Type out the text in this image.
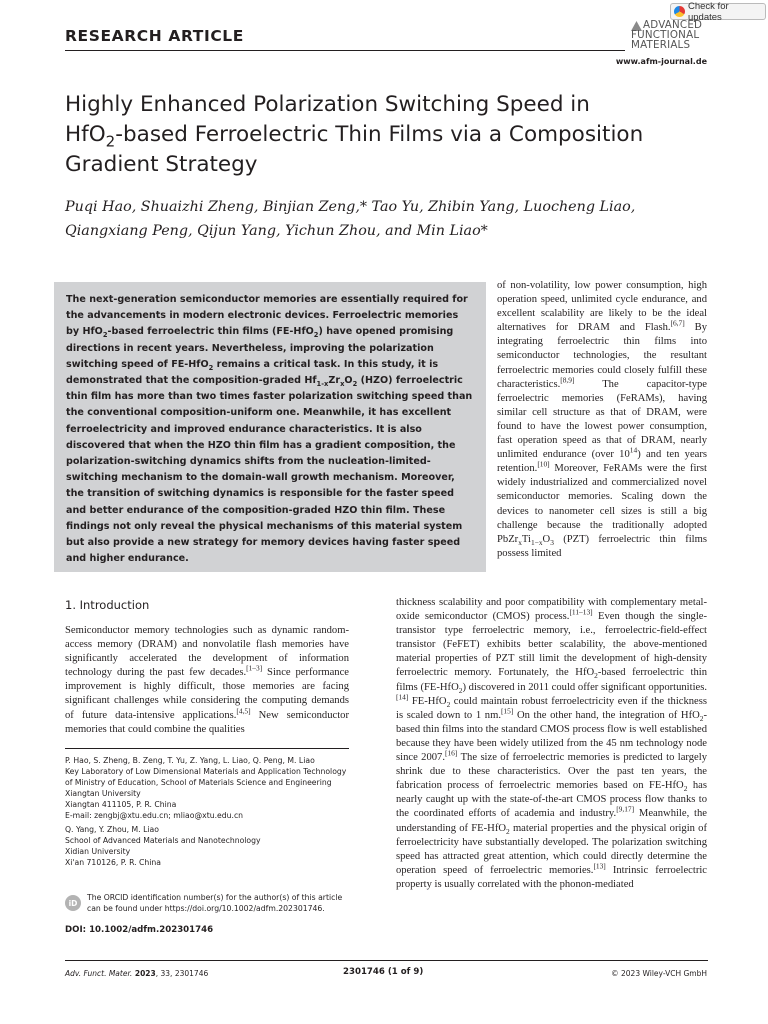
Check for updates
RESEARCH ARTICLE
ADVANCED
FUNCTIONAL
MATERIALS
www.afm-journal.de
Highly Enhanced Polarization Switching Speed in
HfO$_2$-based Ferroelectric Thin Films via a Composition
Gradient Strategy

Puqi Hao, Shuaizhi Zheng, Binjian Zeng,* Tao Yu, Zhibin Yang, Luocheng Liao,
Qiangxiang Peng, Qijun Yang, Yichun Zhou, and Min Liao*

The next-generation semiconductor memories are essentially required for the advancements in modern electronic devices. Ferroelectric memories by HfO$_2$-based ferroelectric thin films (FE-HfO$_2$) have opened promising directions in recent years. Nevertheless, improving the polarization switching speed of FE-HfO$_2$ remains a critical task. In this study, it is demonstrated that the composition-graded $Hf_{1-x}Zr_xO_2$ (HZO) ferroelectric thin film has more than two times faster polarization switching speed than the conventional composition-uniform one. Meanwhile, it has excellent ferroelectricity and improved endurance characteristics. It is also discovered that when the HZO thin film has a gradient composition, the polarization-switching dynamics shifts from the nucleation-limited-switching mechanism to the domain-wall growth mechanism. Moreover, the transition of switching dynamics is responsible for the faster speed and better endurance of the composition-graded HZO thin film. These findings not only reveal the physical mechanisms of this material system but also provide a new strategy for memory devices having faster speed and higher endurance.

of non-volatility, low power consumption, high operation speed, unlimited cycle endurance, and excellent scalability are likely to be the ideal alternatives for DRAM and Flash.[6,7] By integrating ferroelectric thin films into semiconductor technologies, the resultant ferroelectric memories could closely fulfill these characteristics.[8,9] The capacitor-type ferroelectric memories (FeRAMs), having similar cell structure as that of DRAM, were found to have the lowest power consumption, fast operation speed as that of DRAM, nearly unlimited endurance (over $10^{14}$) and ten years retention.[10] Moreover, FeRAMs were the first widely industrialized and commercialized novel semiconductor memories. Scaling down the devices to nanometer cell sizes is still a big challenge because the traditionally adopted $PbZr_xTi_{1-x}O_3$ (PZT) ferroelectric thin films possess limited

1. Introduction

Semiconductor memory technologies such as dynamic random-access memory (DRAM) and nonvolatile flash memories have significantly accelerated the development of information technology during the past few decades.[1–3] Since performance improvement is highly difficult, those memories are facing significant challenges while considering the computing demands of future data-intensive applications.[4,5] New semiconductor memories that could combine the qualities

thickness scalability and poor compatibility with complementary metal-oxide semiconductor (CMOS) process.[11–13] Even though the single-transistor type ferroelectric memory, i.e., ferroelectric-field-effect transistor (FeFET) exhibits better scalability, the above-mentioned material properties of PZT still limit the development of high-density ferroelectric memory. Fortunately, the HfO$_2$-based ferroelectric thin films (FE-HfO$_2$) discovered in 2011 could offer significant opportunities.[14] FE-HfO$_2$ could maintain robust ferroelectricity even if the thickness is scaled down to 1 nm.[15] On the other hand, the integration of HfO$_2$-based thin films into the standard CMOS process flow is well established because they have been widely utilized from the 45 nm technology node since 2007.[16] The size of ferroelectric memories is predicted to largely shrink due to these characteristics. Over the past ten years, the fabrication process of ferroelectric memories based on FE-HfO$_2$ has nearly caught up with the state-of-the-art CMOS process flow thanks to the coordinated efforts of academia and industry.[9,17] Meanwhile, the understanding of FE-HfO$_2$ material properties and the physical origin of ferroelectricity have substantially developed. The polarization switching speed has attracted great attention, which could directly determine the operation speed of ferroelectric memories.[13] Intrinsic ferroelectric property is usually correlated with the phonon-mediated

P. Hao, S. Zheng, B. Zeng, T. Yu, Z. Yang, L. Liao, Q. Peng, M. Liao

Key Laboratory of Low Dimensional Materials and Application Technology of Ministry of Education, School of Materials Science and Engineering

Xiangtan University

Xiangtan 411105, P. R. China

E-mail: zengbj@xtu.edu.cn; mliao@xtu.edu.cn

Q. Yang, Y. Zhou, M. Liao

School of Advanced Materials and Nanotechnology

Xidian University

Xi'an 710126, P. R. China

iD

The ORCID identification number(s) for the author(s) of this article can be found under https://doi.org/10.1002/adfm.202301746.

DOI: 10.1002/adfm.202301746

Adv. Funct. Mater. 2023, 33, 2301746	2301746 (1 of 9)	© 2023 Wiley-VCH GmbH
